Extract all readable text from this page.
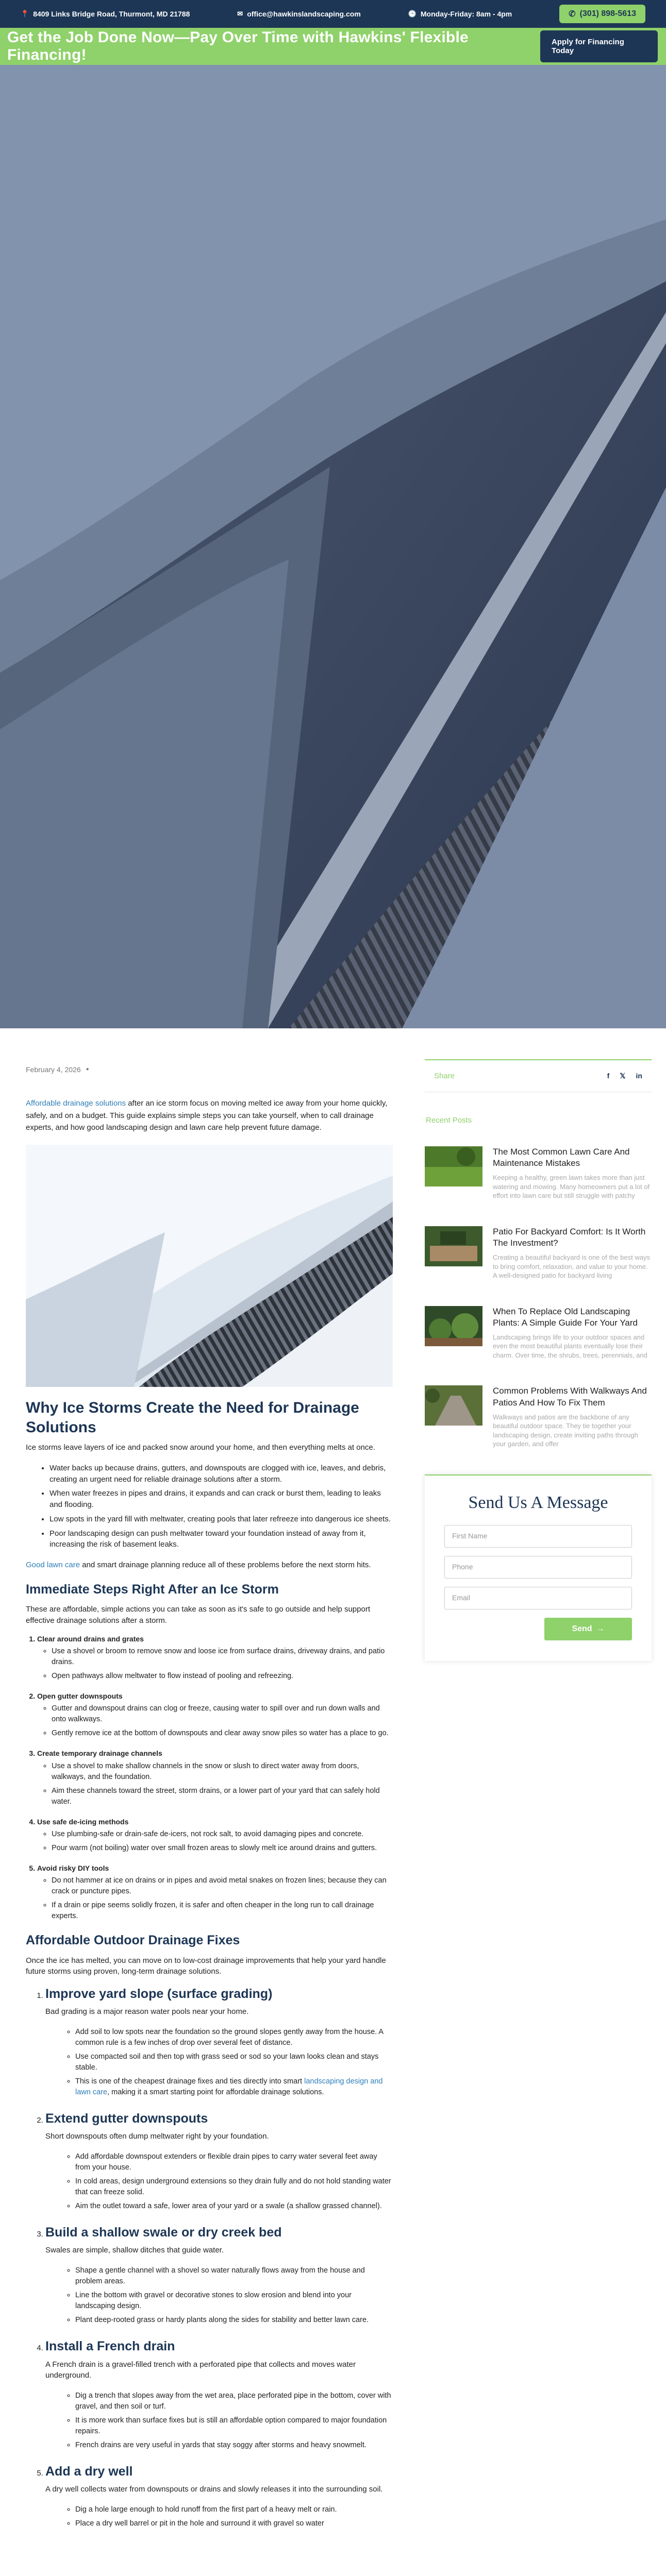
📍 8409 Links Bridge Road, Thurmont, MD 21788	✉ office@hawkinslandscaping.com	🕒 Monday-Friday: 8am - 4pm	✆ (301) 898-5613
Get the Job Done Now—Pay Over Time with Hawkins' Flexible Financing!
Apply for Financing Today
February 4, 2026 ●

Affordable drainage solutions after an ice storm focus on moving melted ice away from your home quickly, safely, and on a budget. This guide explains simple steps you can take yourself, when to call drainage experts, and how good landscaping design and lawn care help prevent future damage.

Why Ice Storms Create the Need for Drainage Solutions

Ice storms leave layers of ice and packed snow around your home, and then everything melts at once.

• Water backs up because drains, gutters, and downspouts are clogged with ice, leaves, and debris, creating an urgent need for reliable drainage solutions after a storm.
• When water freezes in pipes and drains, it expands and can crack or burst them, leading to leaks and flooding.
• Low spots in the yard fill with meltwater, creating pools that later refreeze into dangerous ice sheets.
• Poor landscaping design can push meltwater toward your foundation instead of away from it, increasing the risk of basement leaks.

Good lawn care and smart drainage planning reduce all of these problems before the next storm hits.

Immediate Steps Right After an Ice Storm

These are affordable, simple actions you can take as soon as it's safe to go outside and help support effective drainage solutions after a storm.

1. Clear around drains and grates
◦ Use a shovel or broom to remove snow and loose ice from surface drains, driveway drains, and patio drains.
◦ Open pathways allow meltwater to flow instead of pooling and refreezing.
2. Open gutter downspouts
◦ Gutter and downspout drains can clog or freeze, causing water to spill over and run down walls and onto walkways.
◦ Gently remove ice at the bottom of downspouts and clear away snow piles so water has a place to go.
3. Create temporary drainage channels
◦ Use a shovel to make shallow channels in the snow or slush to direct water away from doors, walkways, and the foundation.
◦ Aim these channels toward the street, storm drains, or a lower part of your yard that can safely hold water.
4. Use safe de-icing methods
◦ Use plumbing-safe or drain-safe de-icers, not rock salt, to avoid damaging pipes and concrete.
◦ Pour warm (not boiling) water over small frozen areas to slowly melt ice around drains and gutters.
5. Avoid risky DIY tools
◦ Do not hammer at ice on drains or in pipes and avoid metal snakes on frozen lines; because they can crack or puncture pipes.
◦ If a drain or pipe seems solidly frozen, it is safer and often cheaper in the long run to call drainage experts.
Affordable Outdoor Drainage Fixes

Once the ice has melted, you can move on to low-cost drainage improvements that help your yard handle future storms using proven, long-term drainage solutions.

1. Improve yard slope (surface grading)
Bad grading is a major reason water pools near your home.
◦ Add soil to low spots near the foundation so the ground slopes gently away from the house. A common rule is a few inches of drop over several feet of distance.
◦ Use compacted soil and then top with grass seed or sod so your lawn looks clean and stays stable.
◦ This is one of the cheapest drainage fixes and ties directly into smart landscaping design and lawn care, making it a smart starting point for affordable drainage solutions.
2. Extend gutter downspouts
Short downspouts often dump meltwater right by your foundation.
◦ Add affordable downspout extenders or flexible drain pipes to carry water several feet away from your house.
◦ In cold areas, design underground extensions so they drain fully and do not hold standing water that can freeze solid.
◦ Aim the outlet toward a safe, lower area of your yard or a swale (a shallow grassed channel).
3. Build a shallow swale or dry creek bed
Swales are simple, shallow ditches that guide water.
◦ Shape a gentle channel with a shovel so water naturally flows away from the house and problem areas.
◦ Line the bottom with gravel or decorative stones to slow erosion and blend into your landscaping design.
◦ Plant deep-rooted grass or hardy plants along the sides for stability and better lawn care.
4. Install a French drain
A French drain is a gravel-filled trench with a perforated pipe that collects and moves water underground.
◦ Dig a trench that slopes away from the wet area, place perforated pipe in the bottom, cover with gravel, and then soil or turf.
◦ It is more work than surface fixes but is still an affordable option compared to major foundation repairs.
◦ French drains are very useful in yards that stay soggy after storms and heavy snowmelt.
5. Add a dry well
A dry well collects water from downspouts or drains and slowly releases it into the surrounding soil.
◦ Dig a hole large enough to hold runoff from the first part of a heavy melt or rain.
◦ Place a dry well barrel or pit in the hole and surround it with gravel so water
Share	f 𝕏 in
Recent Posts
The Most Common Lawn Care And Maintenance Mistakes
Keeping a healthy, green lawn takes more than just watering and mowing. Many homeowners put a lot of effort into lawn care but still struggle with patchy
Patio For Backyard Comfort: Is It Worth The Investment?
Creating a beautiful backyard is one of the best ways to bring comfort, relaxation, and value to your home. A well-designed patio for backyard living
When To Replace Old Landscaping Plants: A Simple Guide For Your Yard
Landscaping brings life to your outdoor spaces and even the most beautiful plants eventually lose their charm. Over time, the shrubs, trees, perennials, and
Common Problems With Walkways And Patios And How To Fix Them
Walkways and patios are the backbone of any beautiful outdoor space. They tie together your landscaping design, create inviting paths through your garden, and offer
Send Us A Message
First Name
Phone
Email
Send →
